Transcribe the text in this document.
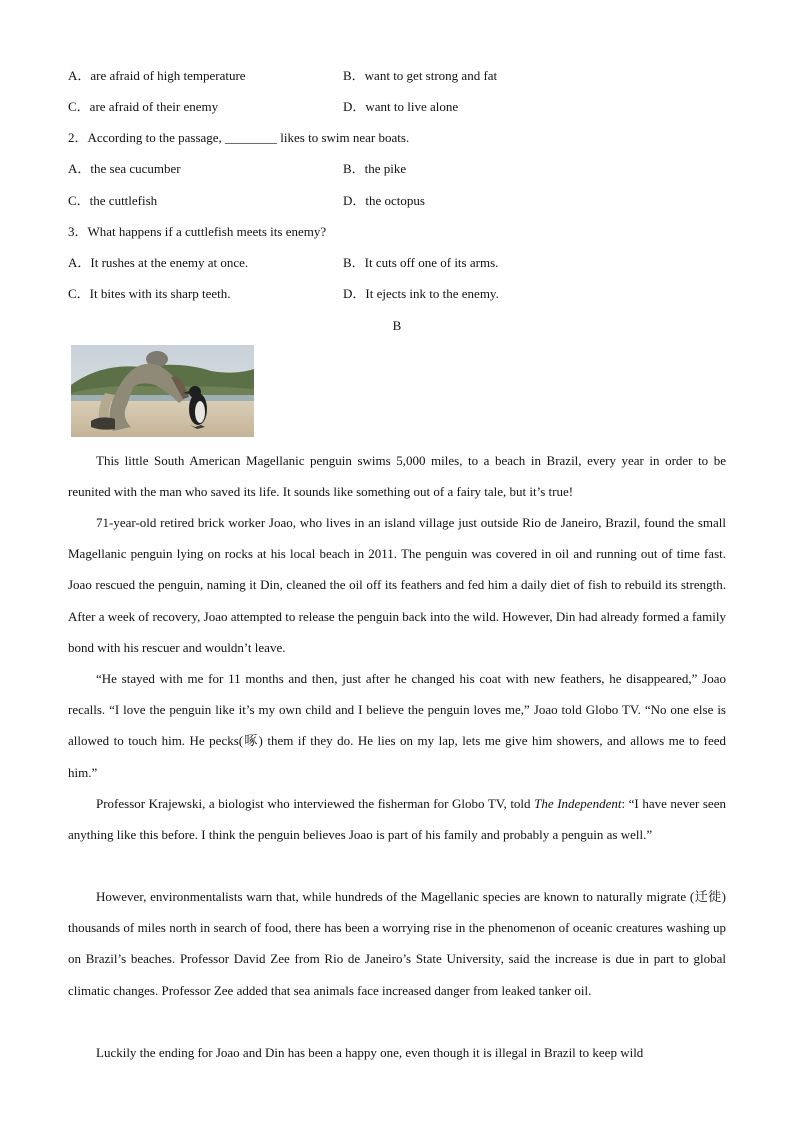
A．are afraid of high temperature	B．want to get strong and fat
C．are afraid of their enemy	D．want to live alone
2．According to the passage, ________ likes to swim near boats.
A．the sea cucumber	B．the pike
C．the cuttlefish	D．the octopus
3．What happens if a cuttlefish meets its enemy?
A．It rushes at the enemy at once.	B．It cuts off one of its arms.
C．It bites with its sharp teeth.	D．It ejects ink to the enemy.
B
This little South American Magellanic penguin swims 5,000 miles, to a beach in Brazil, every year in order to be reunited with the man who saved its life. It sounds like something out of a fairy tale, but it’s true!
71-year-old retired brick worker Joao, who lives in an island village just outside Rio de Janeiro, Brazil, found the small Magellanic penguin lying on rocks at his local beach in 2011. The penguin was covered in oil and running out of time fast. Joao rescued the penguin, naming it Din, cleaned the oil off its feathers and fed him a daily diet of fish to rebuild its strength. After a week of recovery, Joao attempted to release the penguin back into the wild. However, Din had already formed a family bond with his rescuer and wouldn’t leave.
“He stayed with me for 11 months and then, just after he changed his coat with new feathers, he disappeared,” Joao recalls. “I love the penguin like it’s my own child and I believe the penguin loves me,” Joao told Globo TV. “No one else is allowed to touch him. He pecks(啄) them if they do. He lies on my lap, lets me give him showers, and allows me to feed him.”
Professor Krajewski, a biologist who interviewed the fisherman for Globo TV, told The Independent: “I have never seen anything like this before. I think the penguin believes Joao is part of his family and probably a penguin as well.”
However, environmentalists warn that, while hundreds of the Magellanic species are known to naturally migrate (迁徙) thousands of miles north in search of food, there has been a worrying rise in the phenomenon of oceanic creatures washing up on Brazil’s beaches. Professor David Zee from Rio de Janeiro’s State University, said the increase is due in part to global climatic changes. Professor Zee added that sea animals face increased danger from leaked tanker oil.
Luckily the ending for Joao and Din has been a happy one, even though it is illegal in Brazil to keep wild
